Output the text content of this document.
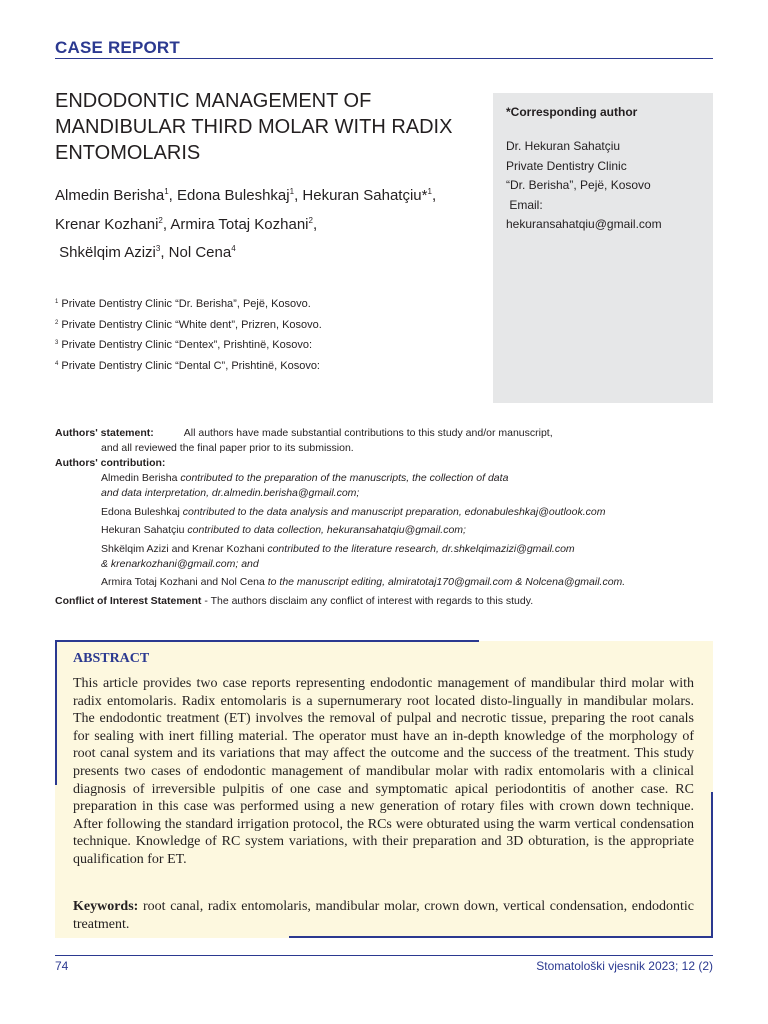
CASE REPORT
ENDODONTIC MANAGEMENT OF MANDIBULAR THIRD MOLAR WITH RADIX ENTOMOLARIS
Almedin Berisha$^1$, Edona Buleshkaj$^1$, Hekuran Sahatçiu*$^1$,
Krenar Kozhani$^2$, Armira Totaj Kozhani$^2$,
Shkëlqim Azizi$^3$, Nol Cena$^4$
$^1$ Private Dentistry Clinic “Dr. Berisha”, Pejë, Kosovo.
$^2$ Private Dentistry Clinic “White dent”, Prizren, Kosovo.
$^3$ Private Dentistry Clinic “Dentex”, Prishtinë, Kosovo:
$^4$ Private Dentistry Clinic “Dental C”, Prishtinë, Kosovo:
*Corresponding author
Dr. Hekuran Sahatçiu
Private Dentistry Clinic
“Dr. Berisha”, Pejë, Kosovo
Email:
hekuransahatqiu@gmail.com
Authors' statement:	All authors have made substantial contributions to this study and/or manuscript,
and all reviewed the final paper prior to its submission.
Authors' contribution:
Almedin Berisha contributed to the preparation of the manuscripts, the collection of data
and data interpretation, dr.almedin.berisha@gmail.com;
Edona Buleshkaj contributed to the data analysis and manuscript preparation, edonabuleshkaj@outlook.com
Hekuran Sahatçiu contributed to data collection, hekuransahatqiu@gmail.com;
Shkëlqim Azizi and Krenar Kozhani contributed to the literature research, dr.shkelqimazizi@gmail.com
& krenarkozhani@gmail.com; and
Armira Totaj Kozhani and Nol Cena to the manuscript editing, almiratotaj170@gmail.com & Nolcena@gmail.com.
Conflict of Interest Statement - The authors disclaim any conflict of interest with regards to this study.
ABSTRACT
This article provides two case reports representing endodontic management of mandibular third molar with radix entomolaris. Radix entomolaris is a supernumerary root located disto-lingually in mandibular molars. The endodontic treatment (ET) involves the removal of pulpal and necrotic tissue, preparing the root canals for sealing with inert filling material. The operator must have an in-depth knowledge of the morphology of root canal system and its variations that may affect the outcome and the success of the treatment. This study presents two cases of endodontic management of mandibular molar with radix entomolaris with a clinical diagnosis of irreversible pulpitis of one case and symptomatic apical periodontitis of another case. RC preparation in this case was performed using a new generation of rotary files with crown down technique. After following the standard irrigation protocol, the RCs were obturated using the warm vertical condensation technique. Knowledge of RC system variations, with their preparation and 3D obturation, is the appropriate qualification for ET.
Keywords: root canal, radix entomolaris, mandibular molar, crown down, vertical condensation, endodontic treatment.
74	Stomatološki vjesnik 2023; 12 (2)
